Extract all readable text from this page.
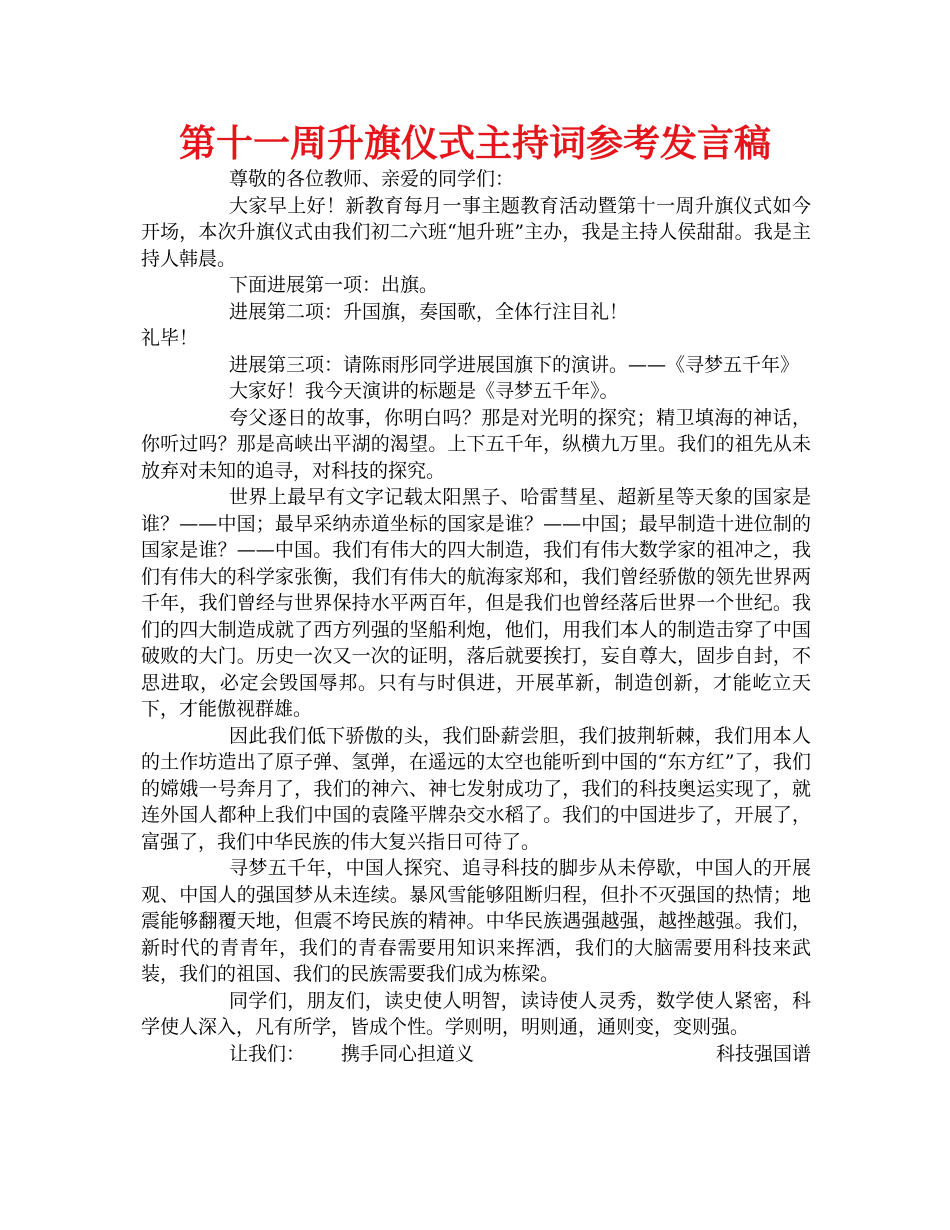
第十一周升旗仪式主持词参考发言稿

尊敬的各位教师、亲爱的同学们：

大家早上好！新教育每月一事主题教育活动暨第十一周升旗仪式如今开场，本次升旗仪式由我们初二六班“旭升班”主办，我是主持人侯甜甜。我是主持人韩晨。

下面进展第一项：出旗。

进展第二项：升国旗，奏国歌，全体行注目礼！

礼毕！

进展第三项：请陈雨彤同学进展国旗下的演讲。——《寻梦五千年》

大家好！我今天演讲的标题是《寻梦五千年》。

夸父逐日的故事，你明白吗？那是对光明的探究；精卫填海的神话，你听过吗？那是高峡出平湖的渴望。上下五千年，纵横九万里。我们的祖先从未放弃对未知的追寻，对科技的探究。

世界上最早有文字记载太阳黑子、哈雷彗星、超新星等天象的国家是谁？——中国；最早采纳赤道坐标的国家是谁？——中国；最早制造十进位制的国家是谁？——中国。我们有伟大的四大制造，我们有伟大数学家的祖冲之，我们有伟大的科学家张衡，我们有伟大的航海家郑和，我们曾经骄傲的领先世界两千年，我们曾经与世界保持水平两百年，但是我们也曾经落后世界一个世纪。我们的四大制造成就了西方列强的坚船利炮，他们，用我们本人的制造击穿了中国破败的大门。历史一次又一次的证明，落后就要挨打，妄自尊大，固步自封，不思进取，必定会毁国辱邦。只有与时俱进，开展革新，制造创新，才能屹立天下，才能傲视群雄。

因此我们低下骄傲的头，我们卧薪尝胆，我们披荆斩棘，我们用本人的土作坊造出了原子弹、氢弹，在遥远的太空也能听到中国的“东方红”了，我们的嫦娥一号奔月了，我们的神六、神七发射成功了，我们的科技奥运实现了，就连外国人都种上我们中国的袁隆平牌杂交水稻了。我们的中国进步了，开展了，富强了，我们中华民族的伟大复兴指日可待了。

寻梦五千年，中国人探究、追寻科技的脚步从未停歇，中国人的开展观、中国人的强国梦从未连续。暴风雪能够阻断归程，但扑不灭强国的热情；地震能够翻覆天地，但震不垮民族的精神。中华民族遇强越强，越挫越强。我们，新时代的青青年，我们的青春需要用知识来挥洒，我们的大脑需要用科技来武装，我们的祖国、我们的民族需要我们成为栋梁。

同学们，朋友们，读史使人明智，读诗使人灵秀，数学使人紧密，科学使人深入，凡有所学，皆成个性。学则明，明则通，通则变，变则强。

让我们： 携手同心担道义	科技强国谱
